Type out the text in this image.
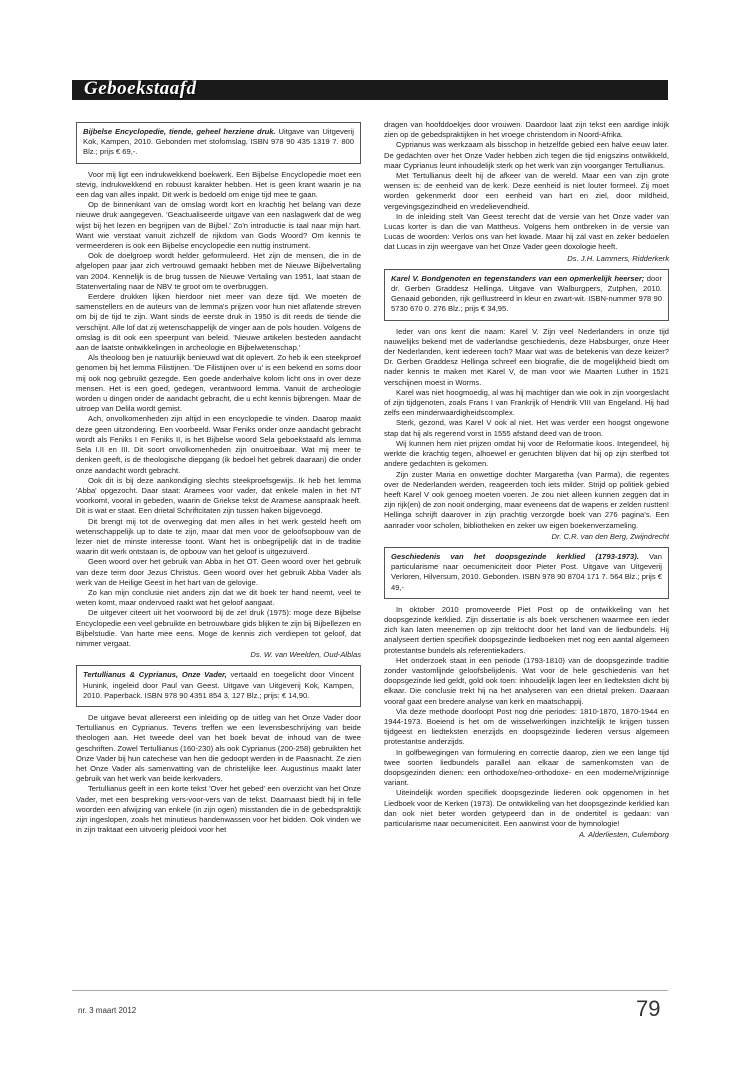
Geboekstaafd
Bijbelse Encyclopedie, tiende, geheel herziene druk. Uitgave van Uitgeverij Kok, Kampen, 2010. Gebonden met stofomslag. ISBN 978 90 435 1319 7. 800 Blz.; prijs € 69,-.

Voor mij ligt een indrukwekkend boekwerk. Een Bijbelse Encyclopedie moet een stevig, indrukwekkend en robuust karakter hebben. Het is geen krant waarin je na een dag van alles inpakt. Dit werk is bedoeld om enige tijd mee te gaan.

Op de binnenkant van de omslag wordt kort en krachtig het belang van deze nieuwe druk aangegeven. 'Geactualiseerde uitgave van een naslagwerk dat de weg wijst bij het lezen en begrijpen van de Bijbel.' Zo'n introductie is taal naar mijn hart. Want wie verstaat vanuit zichzelf de rijkdom van Gods Woord? Om kennis te vermeerderen is ook een Bijbelse encyclopedie een nuttig instrument.

Ook de doelgroep wordt helder geformuleerd. Het zijn de mensen, die in de afgelopen paar jaar zich vertrouwd gemaakt hebben met de Nieuwe Bijbelvertaling van 2004. Kennelijk is de brug tussen de Nieuwe Vertaling van 1951, laat staan de Statenvertaling naar de NBV te groot om te overbruggen.

Eerdere drukken lijken hierdoor niet meer van deze tijd. We moeten de samenstellers en de auteurs van de lemma's prijzen voor hun niet aflatende streven om bij de tijd te zijn. Want sinds de eerste druk in 1950 is dit reeds de tiende die verschijnt. Alle lof dat zij wetenschappelijk de vinger aan de pols houden. Volgens de omslag is dit ook een speerpunt van beleid. 'Nieuwe artikelen besteden aandacht aan de laatste ontwikkelingen in archeologie en Bijbelwetenschap.'

Als theoloog ben je natuurlijk benieuwd wat dit oplevert. Zo heb ik een steekproef genomen bij het lemma Filistijnen. 'De Filistijnen over u' is een bekend en soms door mij ook nog gebruikt gezegde. Een goede anderhalve kolom licht ons in over deze mensen. Het is een goed, gedegen, verantwoord lemma. Vanuit de archeologie worden u dingen onder de aandacht gebracht, die u echt kennis bijbrengen. Maar de uitroep van Delila wordt gemist.

Ach, onvolkomenheden zijn altijd in een encyclopedie te vinden. Daarop maakt deze geen uitzondering. Een voorbeeld. Waar Feniks onder onze aandacht gebracht wordt als Feniks I en Feniks II, is het Bijbelse woord Sela geboekstaafd als lemma Sela I.II en III. Dit soort onvolkomenheden zijn onuitroeibaar. Wat mij meer te denken geeft, is de theologische diepgang (ik bedoel het gebrek daaraan) die onder onze aandacht wordt gebracht.

Ook dit is bij deze aankondiging slechts steekproefsgewijs. Ik heb het lemma 'Abba' opgezocht. Daar staat: Aramees voor vader, dat enkele malen in het NT voorkomt, vooral in gebeden, waarin de Griekse tekst de Aramese aanspraak heeft. Dit is wat er staat. Een drietal Schriftcitaten zijn tussen haken bijgevoegd.

Dit brengt mij tot de overweging dat men alles in het werk gesteld heeft om wetenschappelijk up to date te zijn, maar dat men voor de geloofsopbouw van de lezer niet de minste interesse toont. Want het is onbegrijpelijk dat in de traditie waarin dit werk ontstaan is, de opbouw van het geloof is uitgezuiverd.

Geen woord over het gebruik van Abba in het OT. Geen woord over het gebruik van deze term door Jezus Christus. Geen woord over het gebruik Abba Vader als werk van de Heilige Geest in het hart van de gelovige.

Zo kan mijn conclusie niet anders zijn dat we dit boek ter hand neemt, veel te weten komt, maar ondervoed raakt wat het geloof aangaat.

De uitgever citeert uit het voorwoord bij de ze! druk (1975): moge deze Bijbelse Encyclopedie een veel gebruikte en betrouwbare gids blijken te zijn bij Bijbellezen en Bijbelstudie. Van harte mee eens. Moge de kennis zich verdiepen tot geloof, dat nimmer vergaat.

Ds. W. van Weelden, Oud-Alblas
Tertullianus & Cyprianus, Onze Vader, vertaald en toegelicht door Vincent Hunink, ingeleid door Paul van Geest. Uitgave van Uitgeverij Kok, Kampen, 2010. Paperback. ISBN 978 90 4351 854 3. 127 Blz.; prijs: € 14,90.

De uitgave bevat allereerst een inleiding op de uitleg van het Onze Vader door Tertullianus en Cyprianus. Tevens treffen we een levensbeschrijving van beide theologen aan. Het tweede deel van het boek bevat de inhoud van de twee geschriften. Zowel Tertullianus (160-230) als ook Cyprianus (200-258) gebruikten het Onze Vader bij hun catechese van hen die gedoopt werden in de Paasnacht. Ze zien het Onze Vader als samenvatting van de christelijke leer. Augustinus maakt later gebruik van het werk van beide kerkvaders.

Tertullianus geeft in een korte tekst 'Over het gebed' een overzicht van het Onze Vader, met een bespreking vers-voor-vers van de tekst. Daarnaast biedt hij in felle woorden een afwijzing van enkele (in zijn ogen) misstanden die in de gebedspraktijk zijn ingeslopen, zoals het minutieus handenwassen voor het bidden. Ook vinden we in zijn traktaat een uitvoerig pleidooi voor het

dragen van hoofddoekjes door vrouwen. Daardoor laat zijn tekst een aardige inkijk zien op de gebedspraktijken in het vroege christendom in Noord-Afrika.

Cyprianus was werkzaam als bisschop in hetzelfde gebied een halve eeuw later. De gedachten over het Onze Vader hebben zich tegen die tijd enigszins ontwikkeld, maar Cyprianus leunt inhoudelijk sterk op het werk van zijn voorganger Tertullianus.

Met Tertullianus deelt hij de afkeer van de wereld. Maar een van zijn grote wensen is: de eenheid van de kerk. Deze eenheid is niet louter formeel. Zij moet worden gekenmerkt door een eenheid van hart en ziel, door mildheid, vergevingsgezindheid en vredelievendheid.

In de inleiding stelt Van Geest terecht dat de versie van het Onze vader van Lucas korter is dan die van Mattheus. Volgens hem ontbreken in de versie van Lucas de woorden: Verlos ons van het kwade. Maar hij zal vast en zeker bedoelen dat Lucas in zijn weergave van het Onze Vader geen doxologie heeft.

Ds. J.H. Lammers, Ridderkerk
Karel V. Bondgenoten en tegenstanders van een opmerkelijk heerser; door dr. Gerben Graddesz Hellinga. Uitgave van Walburgpers, Zutphen, 2010. Genaaid gebonden, rijk geïllustreerd in kleur en zwart-wit. ISBN-nummer 978 90 5730 670 0. 276 Blz.; prijs € 34,95.

Ieder van ons kent die naam: Karel V. Zijn veel Nederlanders in onze tijd nauwelijks bekend met de vaderlandse geschiedenis, deze Habsburger, onze Heer der Nederlanden, kent iedereen toch? Maar wat was de betekenis van deze keizer? Dr. Gerben Graddesz Hellinga schreef een biografie, die de mogelijkheid biedt om nader kennis te maken met Karel V, de man voor wie Maarten Luther in 1521 verschijnen moest in Worms.

Karel was niet hoogmoedig, al was hij machtiger dan wie ook in zijn voorgeslacht of zijn tijdgenoten, zoals Frans I van Frankrijk of Hendrik VIII van Engeland. Hij had zelfs een minderwaardigheidscomplex.

Sterk, gezond, was Karel V ook al niet. Het was verder een hoogst ongewone stap dat hij als regerend vorst in 1555 afstand deed van de troon.

Wij kunnen hem niet prijzen omdat hij voor de Reformatie koos. Integendeel, hij werkte die krachtig tegen, alhoewel er geruchten blijven dat hij op zijn sterfbed tot andere gedachten is gekomen.

Zijn zuster Maria en onwettige dochter Margaretha (van Parma), die regentes over de Nederlanden werden, reageerden toch iets milder. Strijd op politiek gebied heeft Karel V ook genoeg moeten voeren. Je zou niet alleen kunnen zeggen dat in zijn rijk(en) de zon nooit onderging, maar eveneens dat de wapens er zelden rustten! Hellinga schrijft daarover in zijn prachtig verzorgde boek van 276 pagina's. Een aanrader voor scholen, bibliotheken en zeker uw eigen boekenverzameling.

Dr. C.R. van den Berg, Zwijndrecht
Geschiedenis van het doopsgezinde kerklied (1793-1973). Van particularisme naar oecumeniciteit door Pieter Post. Uitgave van Uitgeverij Verloren, Hilversum, 2010. Gebonden. ISBN 978 90 8704 171 7. 564 Blz.; prijs € 49,-

In oktober 2010 promoveerde Piet Post op de ontwikkeling van het doopsgezinde kerklied. Zijn dissertatie is als boek verschenen waarmee een ieder zich kan laten meenemen op zijn trektocht door het land van de liedbundels. Hij analyseert dertien specifiek doopsgezinde liedboeken met nog een aantal algemeen protestantse bundels als referentiekaders.

Het onderzoek staat in een periode (1793-1810) van de doopsgezinde traditie zonder vastomlijnde geloofsbelijdenis. Wat voor de hele geschiedenis van het doopsgezinde lied geldt, gold ook toen: inhoudelijk lagen leer en liedteksten dicht bij elkaar. Die conclusie trekt hij na het analyseren van een drietal preken. Daaraan vooraf gaat een bredere analyse van kerk en maatschappij.

Via deze methode doorloopt Post nog drie periodes: 1810-1870, 1870-1944 en 1944-1973. Boeiend is het om de wisselwerkingen inzichtelijk te krijgen tussen tijdgeest en liedteksten enerzijds en doopsgezinde liederen versus algemeen protestantse anderzijds.

In golfbewegingen van formulering en correctie daarop, zien we een lange tijd twee soorten liedbundels parallel aan elkaar de samenkomsten van de doopsgezinden dienen: een orthodoxe/neo-orthodoxe- en een moderne/vrijzinnige variant.

Uiteindelijk worden specifiek doopsgezinde liederen ook opgenomen in het Liedboek voor de Kerken (1973). De ontwikkeling van het doopsgezinde kerklied kan dan ook niet beter worden getypeerd dan in de ondertitel is gedaan: van particularisme naar oecumeniciteit. Een aanwinst voor de hymnologie!

A. Alderliesten, Culemborg
nr. 3 maart 2012	79
